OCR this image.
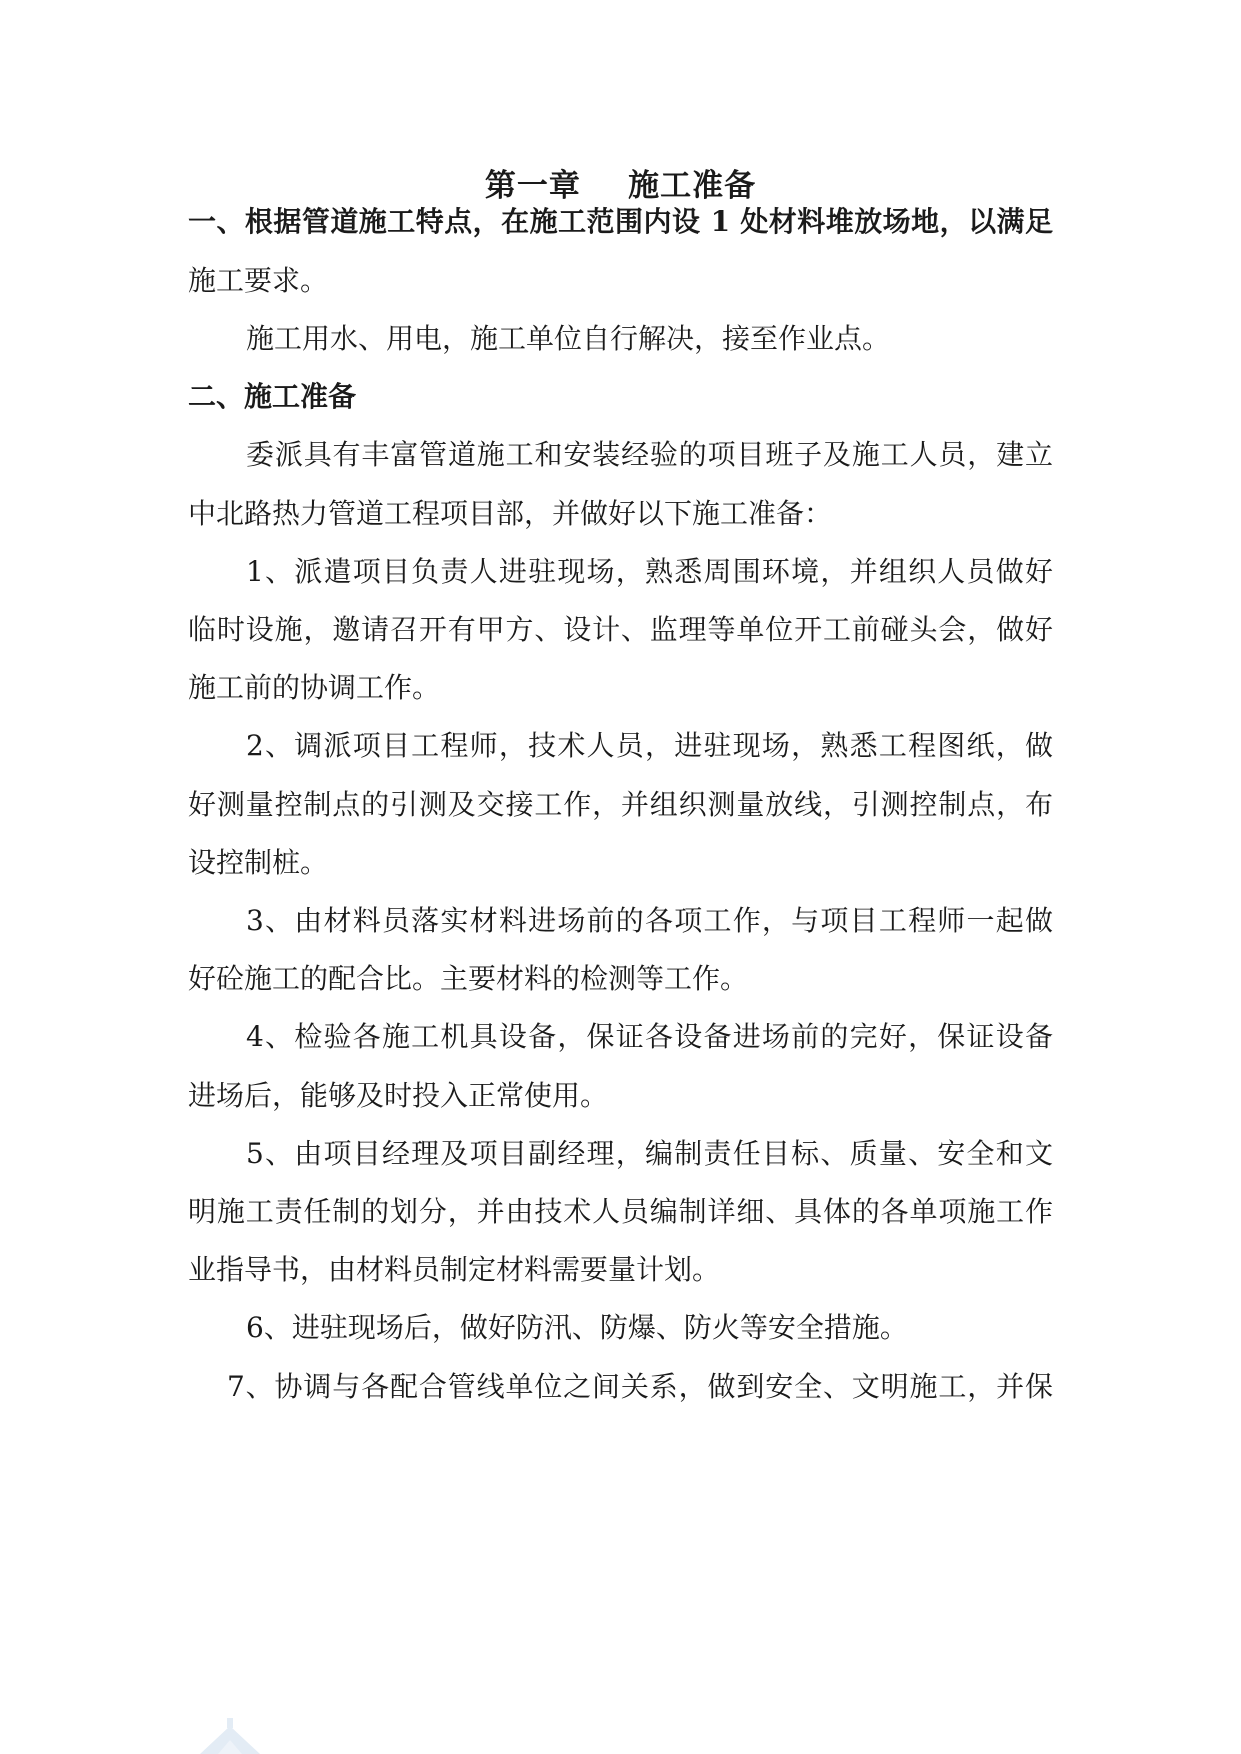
第一章    施工准备
一、根据管道施工特点，在施工范围内设 1 处材料堆放场地，以满足
施工要求。
施工用水、用电，施工单位自行解决，接至作业点。
二、施工准备
委派具有丰富管道施工和安装经验的项目班子及施工人员，建立
中北路热力管道工程项目部，并做好以下施工准备：
1、派遣项目负责人进驻现场，熟悉周围环境，并组织人员做好
临时设施，邀请召开有甲方、设计、监理等单位开工前碰头会，做好
施工前的协调工作。
2、调派项目工程师，技术人员，进驻现场，熟悉工程图纸，做
好测量控制点的引测及交接工作，并组织测量放线，引测控制点，布
设控制桩。
3、由材料员落实材料进场前的各项工作，与项目工程师一起做
好砼施工的配合比。主要材料的检测等工作。
4、检验各施工机具设备，保证各设备进场前的完好，保证设备
进场后，能够及时投入正常使用。
5、由项目经理及项目副经理，编制责任目标、质量、安全和文
明施工责任制的划分，并由技术人员编制详细、具体的各单项施工作
业指导书，由材料员制定材料需要量计划。
6、进驻现场后，做好防汛、防爆、防火等安全措施。
7、协调与各配合管线单位之间关系，做到安全、文明施工，并保
